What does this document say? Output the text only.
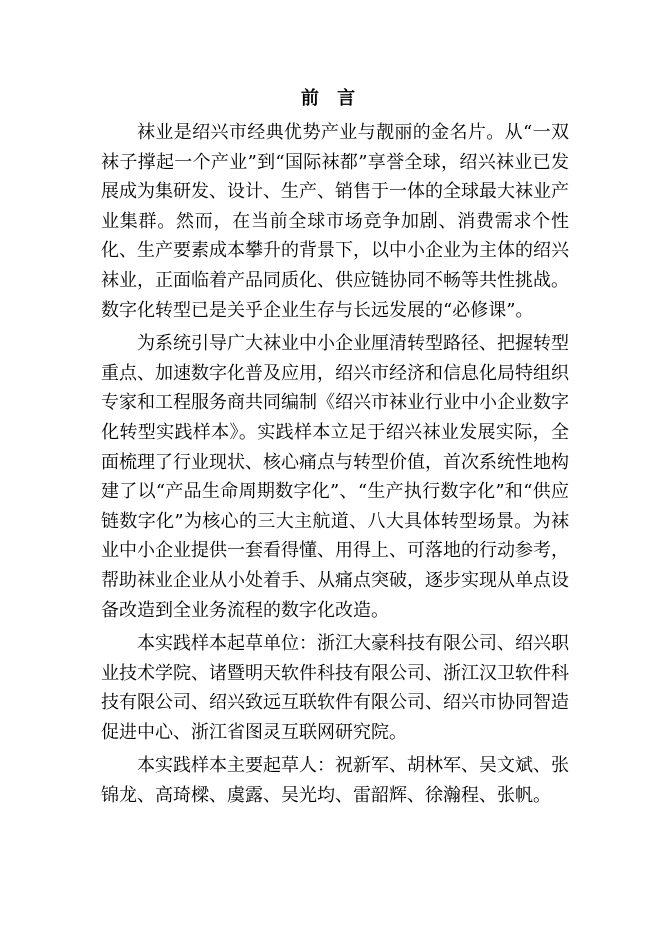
前 言

袜业是绍兴市经典优势产业与靓丽的金名片。从“一双袜子撑起一个产业”到“国际袜都”享誉全球，绍兴袜业已发展成为集研发、设计、生产、销售于一体的全球最大袜业产业集群。然而，在当前全球市场竞争加剧、消费需求个性化、生产要素成本攀升的背景下，以中小企业为主体的绍兴袜业，正面临着产品同质化、供应链协同不畅等共性挑战。数字化转型已是关乎企业生存与长远发展的“必修课”。

为系统引导广大袜业中小企业厘清转型路径、把握转型重点、加速数字化普及应用，绍兴市经济和信息化局特组织专家和工程服务商共同编制《绍兴市袜业行业中小企业数字化转型实践样本》。实践样本立足于绍兴袜业发展实际，全面梳理了行业现状、核心痛点与转型价值，首次系统性地构建了以“产品生命周期数字化”、“生产执行数字化”和“供应链数字化”为核心的三大主航道、八大具体转型场景。为袜业中小企业提供一套看得懂、用得上、可落地的行动参考，帮助袜业企业从小处着手、从痛点突破，逐步实现从单点设备改造到全业务流程的数字化改造。

本实践样本起草单位：浙江大豪科技有限公司、绍兴职业技术学院、诸暨明天软件科技有限公司、浙江汉卫软件科技有限公司、绍兴致远互联软件有限公司、绍兴市协同智造促进中心、浙江省图灵互联网研究院。

本实践样本主要起草人：祝新军、胡林军、吴文斌、张锦龙、高琦樑、虞露、吴光均、雷韶辉、徐瀚程、张帆。
